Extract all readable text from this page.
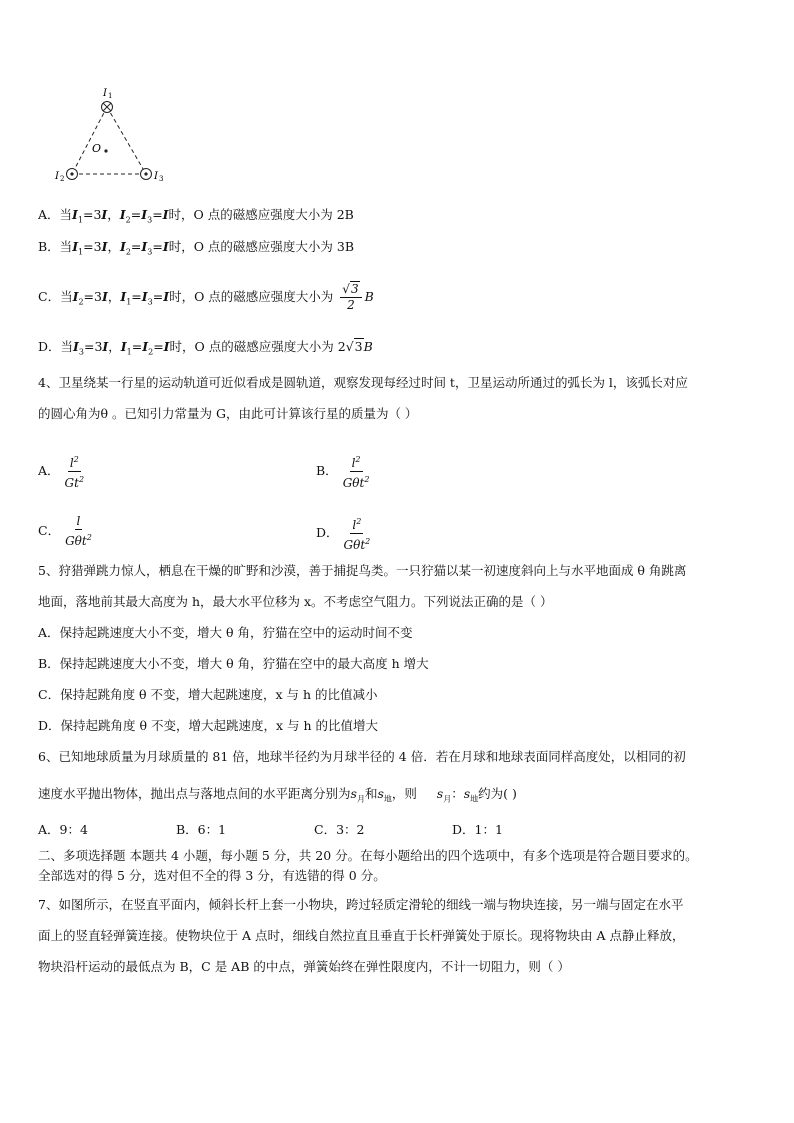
O
I 1
I 2	I 3
A．当$I_1=3I$，$I_2=I_3=I$时，O 点的磁感应强度大小为 2B
B．当$I_1=3I$，$I_2=I_3=I$时，O 点的磁感应强度大小为 3B
C．当$I_2=3I$，$I_1=I_3=I$时，O 点的磁感应强度大小为 $\frac{√3}{2}$ B
D．当$I_3=3I$，$I_1=I_2=I$时，O 点的磁感应强度大小为 2√3B
4、卫星绕某一行星的运动轨道可近似看成是圆轨道，观察发现每经过时间 t，卫星运动所通过的弧长为 l，该弧长对应
的圆心角为θ 。已知引力常量为 G，由此可计算该行星的质量为（ ）
A． $\frac{l^2}{Gt^2}$	B． $\frac{l^2}{G\theta t^2}$
C． $\frac{l}{G\theta t^2}$	D． $\frac{l^2}{G\theta t^2}$
5、狩猎弹跳力惊人，栖息在干燥的旷野和沙漠，善于捕捉鸟类。一只狞猫以某一初速度斜向上与水平地面成 θ 角跳离
地面，落地前其最大高度为 h，最大水平位移为 x。不考虑空气阻力。下列说法正确的是（ ）
A．保持起跳速度大小不变，增大 θ 角，狞猫在空中的运动时间不变
B．保持起跳速度大小不变，增大 θ 角，狞猫在空中的最大高度 h 增大
C．保持起跳角度 θ 不变，增大起跳速度，x 与 h 的比值减小
D．保持起跳角度 θ 不变，增大起跳速度，x 与 h 的比值增大
6、已知地球质量为月球质量的 81 倍，地球半径约为月球半径的 4 倍．若在月球和地球表面同样高度处，以相同的初
速度水平抛出物体，抛出点与落地点间的水平距离分别为$s_月$和$s_地$，则 $s_月$：$s_地$约为( )
A．9：4	B．6：1	C．3：2	D．1：1
二、多项选择题 本题共 4 小题，每小题 5 分，共 20 分。在每小题给出的四个选项中，有多个选项是符合题目要求的。
全部选对的得 5 分，选对但不全的得 3 分，有选错的得 0 分。
7、如图所示，在竖直平面内，倾斜长杆上套一小物块，跨过轻质定滑轮的细线一端与物块连接，另一端与固定在水平
面上的竖直轻弹簧连接。使物块位于 A 点时，细线自然拉直且垂直于长杆弹簧处于原长。现将物块由 A 点静止释放，
物块沿杆运动的最低点为 B，C 是 AB 的中点，弹簧始终在弹性限度内，不计一切阻力，则（ ）
